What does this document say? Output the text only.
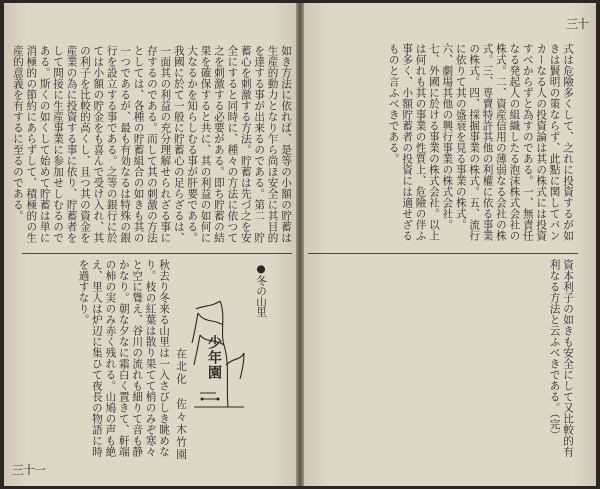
如き方法に依れば、是等の小額の貯蓄は生産的動力となり乍ら尚ほ安全に其目的を達する事が出来るのである。第二　貯蓄心を刺激する方法。貯蓄は先づ之を安全にすると同時に、種々の方法に依つて之を刺激する必要がある。即ち貯蓄の結果を確保すると共に、其の利益の如何に大なるかを知らしむる事が肝要である。我國に於て一般に貯蓄心の足らざるは、一面其の利益の充分理解せられざる事に存するのである。而して其の刺激の方法としては、各種の貯蓄組合の如きも其の一つであるが、最も有効なるは特殊の銀行を設立する事である。之等の銀行に於ては小額の貯金をも喜んで受け入れ、其の利子を比較的高くし、且つ其の資金を産業の為に投資する事に依り、貯蓄者をして間接に生産事業に参加せしむるのである。斯くの如くして始めて貯蓄は単に消極的の節約にあらずして、積極的の生産的意義を有するに至るのである。
少年園
●冬の山里
在北化　佐々木竹園
秋去り冬来る山里は一入さびしき眺めなり。枝の紅葉は散り果てて梢のみぞ寒々と空に聳え、谷川の流れも細りて音も静かなり。朝な夕なに霜白く置きて、軒端の柿の実のみ赤く残れる。山鳩の声も絶え、里人は炉辺に集ひて夜長の物語に時を過すなり。
三十一
式は危險多くして、之れに投資するが如きは賢明の策ならず、此點に関してバンカーなる人の投資論は其の株式には投資すべからずと為すのである。一、無責任なる発起人の組織したる泡沫株式会社の株式。二、資産信用の薄弱なる会社の株式。三、専賣特許其他の利權に依る事業の株式。四、採掘事業の株式。五、流行に依りて其の盛衰を見る事業の株式。六、劇場其他の興行事業の株式会社。七、外國に於ける事業の株式会社。以上は何れも其の事業の性質上、危險の伴ふ事多く、小額貯蓄者の投資には適せざるものと言ふべきである。
資本利子の如きも安全にして又比較的有利なる方法と云ふべきである。（完）
三十
